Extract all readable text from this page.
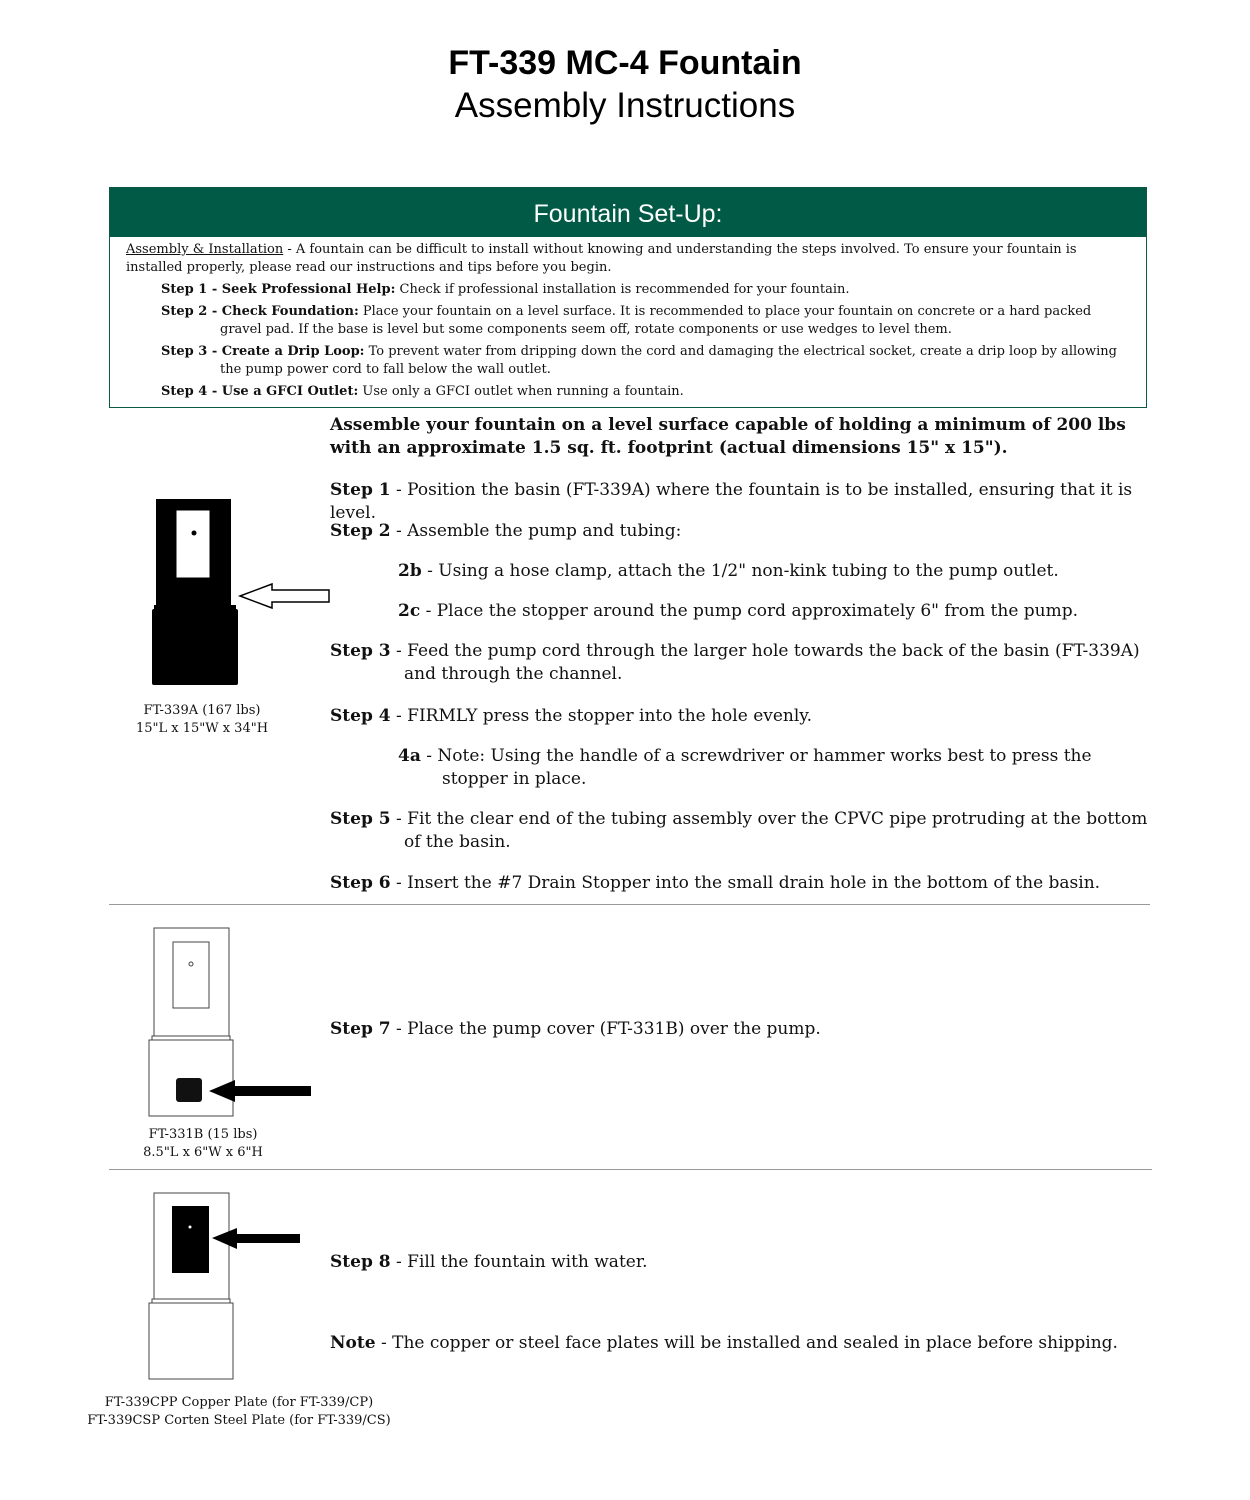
FT-339 MC-4 Fountain
Assembly Instructions
Fountain Set-Up:

Assembly & Installation - A fountain can be difficult to install without knowing and understanding the steps involved. To ensure your fountain is installed properly, please read our instructions and tips before you begin.

Step 1 - Seek Professional Help: Check if professional installation is recommended for your fountain.

Step 2 - Check Foundation: Place your fountain on a level surface. It is recommended to place your fountain on concrete or a hard packed gravel pad. If the base is level but some components seem off, rotate components or use wedges to level them.

Step 3 - Create a Drip Loop: To prevent water from dripping down the cord and damaging the electrical socket, create a drip loop by allowing the pump power cord to fall below the wall outlet.

Step 4 - Use a GFCI Outlet: Use only a GFCI outlet when running a fountain.

Assemble your fountain on a level surface capable of holding a minimum of 200 lbs with an approximate 1.5 sq. ft. footprint (actual dimensions 15" x 15").
Step 1 - Position the basin (FT-339A) where the fountain is to be installed, ensuring that it is level.
Step 2 - Assemble the pump and tubing:
2b - Using a hose clamp, attach the 1/2" non-kink tubing to the pump outlet.
2c - Place the stopper around the pump cord approximately 6" from the pump.
Step 3 - Feed the pump cord through the larger hole towards the back of the basin (FT-339A) and through the channel.
Step 4 - FIRMLY press the stopper into the hole evenly.
4a - Note: Using the handle of a screwdriver or hammer works best to press the stopper in place.
Step 5 - Fit the clear end of the tubing assembly over the CPVC pipe protruding at the bottom of the basin.
Step 6 - Insert the #7 Drain Stopper into the small drain hole in the bottom of the basin.
Step 7 - Place the pump cover (FT-331B) over the pump.
Step 8 - Fill the fountain with water.
Note - The copper or steel face plates will be installed and sealed in place before shipping.
FT-339A (167 lbs)
15"L x 15"W x 34"H
FT-331B (15 lbs)
8.5"L x 6"W x 6"H
FT-339CPP Copper Plate (for FT-339/CP)
FT-339CSP Corten Steel Plate (for FT-339/CS)
